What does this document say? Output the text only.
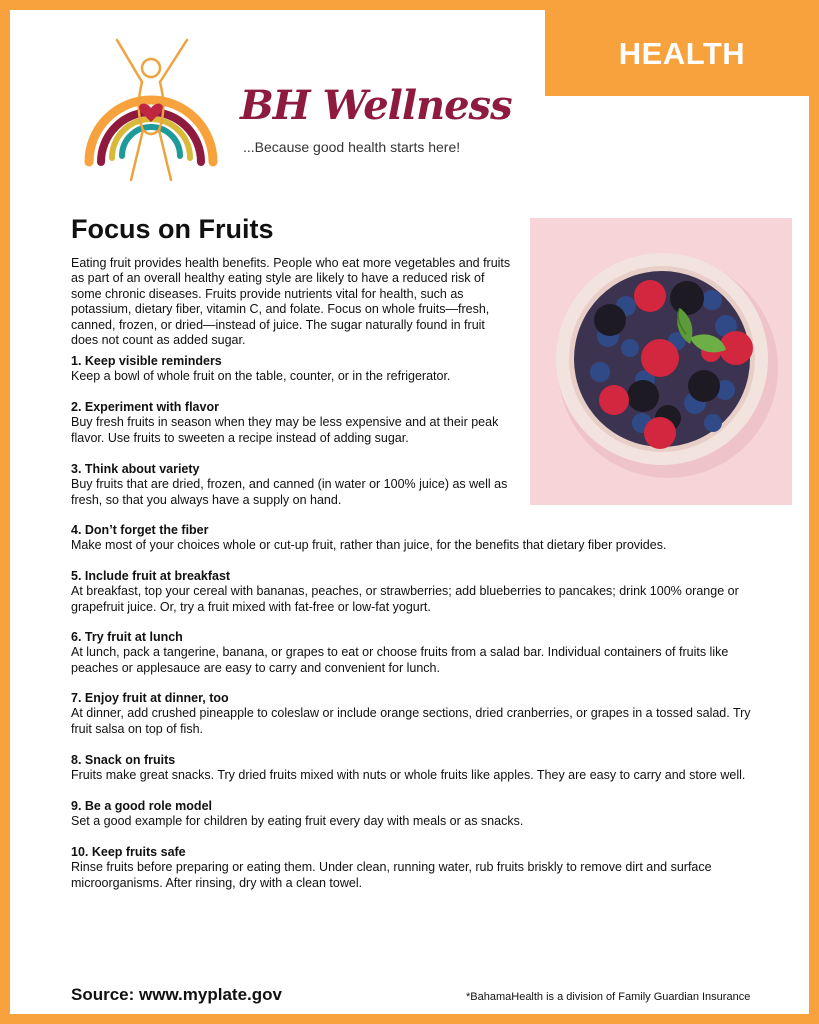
HEALTH
BH Wellness
...Because good health starts here!
Focus on Fruits

Eating fruit provides health benefits. People who eat more vegetables and fruits as part of an overall healthy eating style are likely to have a reduced risk of some chronic diseases. Fruits provide nutrients vital for health, such as potassium, dietary fiber, vitamin C, and folate. Focus on whole fruits—fresh, canned, frozen, or dried—instead of juice. The sugar naturally found in fruit does not count as added sugar.

1. Keep visible reminders

Keep a bowl of whole fruit on the table, counter, or in the refrigerator.

2. Experiment with flavor

Buy fresh fruits in season when they may be less expensive and at their peak flavor. Use fruits to sweeten a recipe instead of adding sugar.

3. Think about variety

Buy fruits that are dried, frozen, and canned (in water or 100% juice) as well as fresh, so that you always have a supply on hand.

4. Don’t forget the fiber

Make most of your choices whole or cut-up fruit, rather than juice, for the benefits that dietary fiber provides.

5. Include fruit at breakfast

At breakfast, top your cereal with bananas, peaches, or strawberries; add blueberries to pancakes; drink 100% orange or grapefruit juice. Or, try a fruit mixed with fat-free or low-fat yogurt.

6. Try fruit at lunch

At lunch, pack a tangerine, banana, or grapes to eat or choose fruits from a salad bar. Individual containers of fruits like peaches or applesauce are easy to carry and convenient for lunch.

7. Enjoy fruit at dinner, too

At dinner, add crushed pineapple to coleslaw or include orange sections, dried cranberries, or grapes in a tossed salad. Try fruit salsa on top of fish.

8. Snack on fruits

Fruits make great snacks. Try dried fruits mixed with nuts or whole fruits like apples. They are easy to carry and store well.

9. Be a good role model

Set a good example for children by eating fruit every day with meals or as snacks.

10. Keep fruits safe

Rinse fruits before preparing or eating them. Under clean, running water, rub fruits briskly to remove dirt and surface microorganisms. After rinsing, dry with a clean towel.

Source: www.myplate.gov	*BahamaHealth is a division of Family Guardian Insurance
